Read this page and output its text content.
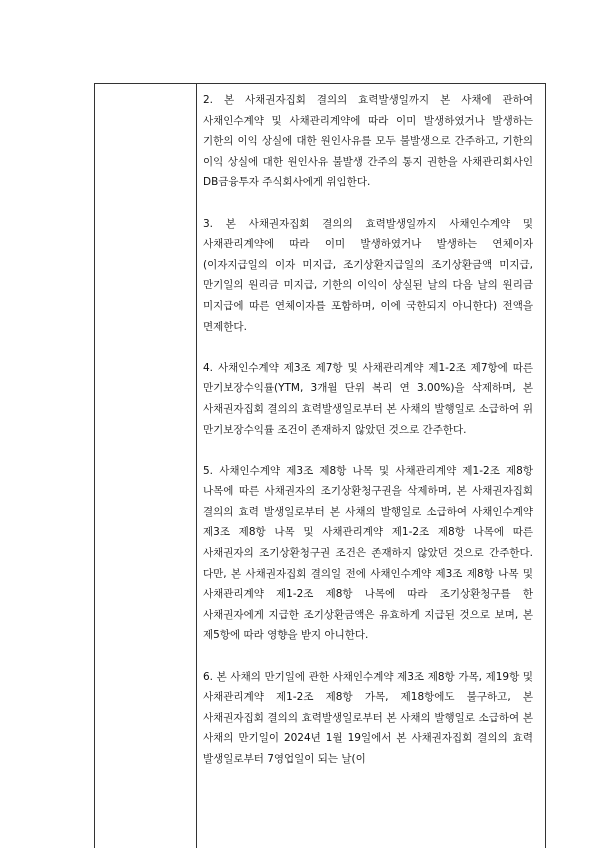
2. 본 사채권자집회 결의의 효력발생일까지 본 사채에 관하여 사채인수계약 및 사채관리계약에 따라 이미 발생하였거나 발생하는 기한의 이익 상실에 대한 원인사유를 모두 불발생으로 간주하고, 기한의 이익 상실에 대한 원인사유 불발생 간주의 통지 권한을 사채관리회사인 DB금융투자 주식회사에게 위임한다.

3. 본 사채권자집회 결의의 효력발생일까지 사채인수계약 및 사채관리계약에 따라 이미 발생하였거나 발생하는 연체이자(이자지급일의 이자 미지급, 조기상환지급일의 조기상환금액 미지급, 만기일의 원리금 미지급, 기한의 이익이 상실된 날의 다음 날의 원리금 미지급에 따른 연체이자를 포함하며, 이에 국한되지 아니한다) 전액을 면제한다.

4. 사채인수계약 제3조 제7항 및 사채관리계약 제1-2조 제7항에 따른 만기보장수익률(YTM, 3개월 단위 복리 연 3.00%)을 삭제하며, 본 사채권자집회 결의의 효력발생일로부터 본 사채의 발행일로 소급하여 위 만기보장수익률 조건이 존재하지 않았던 것으로 간주한다.

5. 사채인수계약 제3조 제8항 나목 및 사채관리계약 제1-2조 제8항 나목에 따른 사채권자의 조기상환청구권을 삭제하며, 본 사채권자집회 결의의 효력 발생일로부터 본 사채의 발행일로 소급하여 사채인수계약 제3조 제8항 나목 및 사채관리계약 제1-2조 제8항 나목에 따른 사채권자의 조기상환청구권 조건은 존재하지 않았던 것으로 간주한다. 다만, 본 사채권자집회 결의일 전에 사채인수계약 제3조 제8항 나목 및 사채관리계약 제1-2조 제8항 나목에 따라 조기상환청구를 한 사채권자에게 지급한 조기상환금액은 유효하게 지급된 것으로 보며, 본 제5항에 따라 영향을 받지 아니한다.

6. 본 사채의 만기일에 관한 사채인수계약 제3조 제8항 가목, 제19항 및 사채관리계약 제1-2조 제8항 가목, 제18항에도 불구하고, 본 사채권자집회 결의의 효력발생일로부터 본 사채의 발행일로 소급하여 본 사채의 만기일이 2024년 1월 19일에서 본 사채권자집회 결의의 효력 발생일로부터 7영업일이 되는 날(이
